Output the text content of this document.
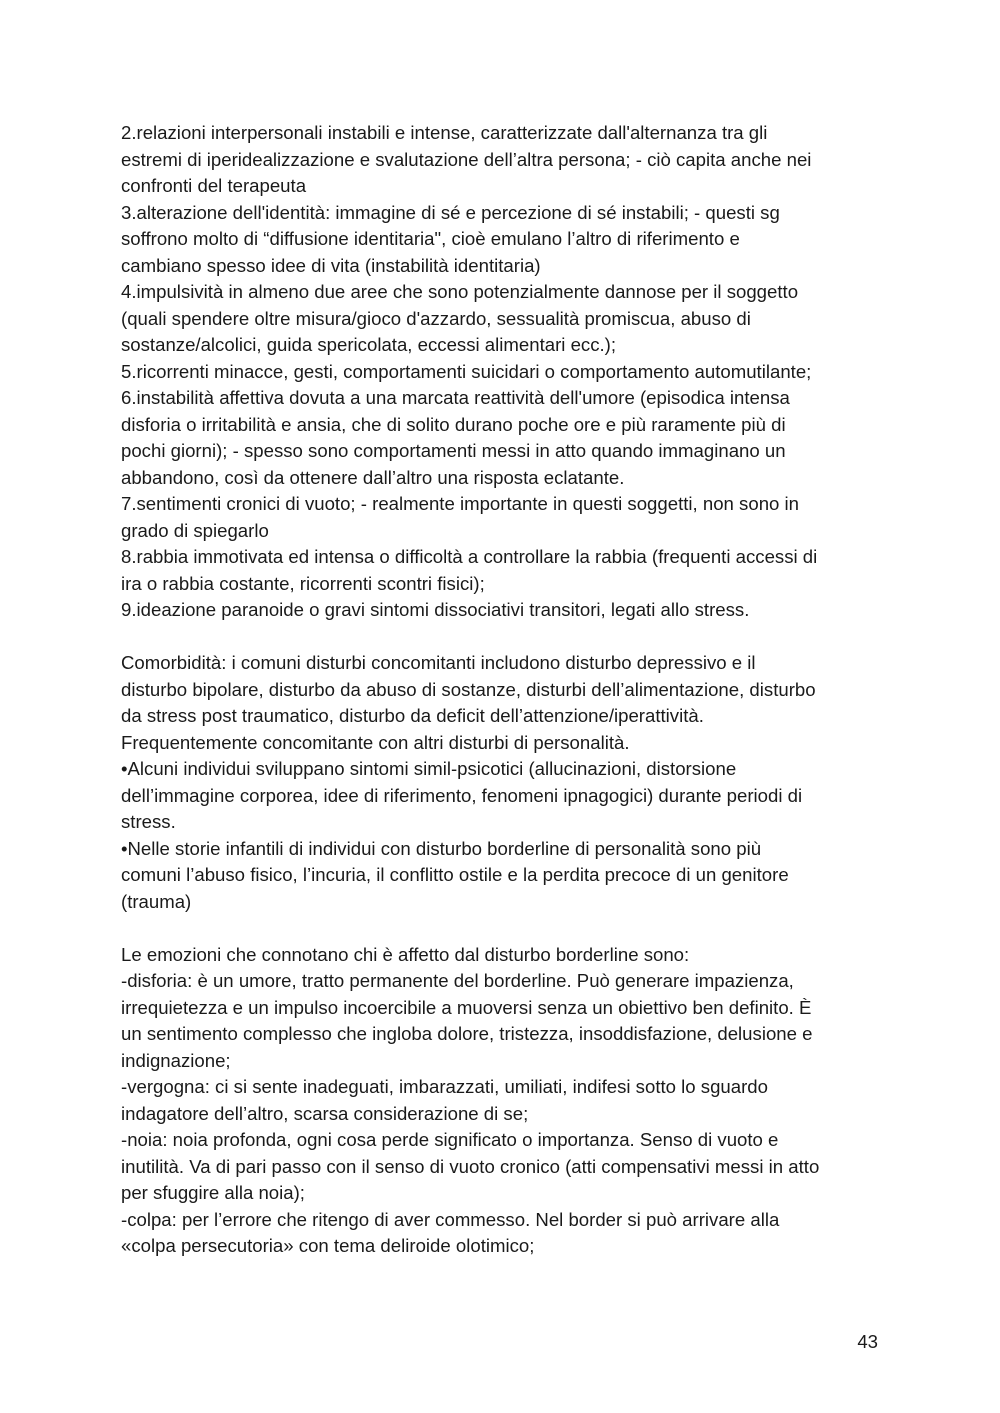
2.relazioni interpersonali instabili e intense, caratterizzate dall'alternanza tra gli
estremi di iperidealizzazione e svalutazione dell’altra persona; - ciò capita anche nei
confronti del terapeuta
3.alterazione dell'identità: immagine di sé e percezione di sé instabili; - questi sg
soffrono molto di “diffusione identitaria", cioè emulano l’altro di riferimento e
cambiano spesso idee di vita (instabilità identitaria)
4.impulsività in almeno due aree che sono potenzialmente dannose per il soggetto
(quali spendere oltre misura/gioco d'azzardo, sessualità promiscua, abuso di
sostanze/alcolici, guida spericolata, eccessi alimentari ecc.);
5.ricorrenti minacce, gesti, comportamenti suicidari o comportamento automutilante;
6.instabilità affettiva dovuta a una marcata reattività dell'umore (episodica intensa
disforia o irritabilità e ansia, che di solito durano poche ore e più raramente più di
pochi giorni); - spesso sono comportamenti messi in atto quando immaginano un
abbandono, così da ottenere dall’altro una risposta eclatante.
7.sentimenti cronici di vuoto; - realmente importante in questi soggetti, non sono in
grado di spiegarlo
8.rabbia immotivata ed intensa o difficoltà a controllare la rabbia (frequenti accessi di
ira o rabbia costante, ricorrenti scontri fisici);
9.ideazione paranoide o gravi sintomi dissociativi transitori, legati allo stress.
Comorbidità: i comuni disturbi concomitanti includono disturbo depressivo e il
disturbo bipolare, disturbo da abuso di sostanze, disturbi dell’alimentazione, disturbo
da stress post traumatico, disturbo da deficit dell’attenzione/iperattività.
Frequentemente concomitante con altri disturbi di personalità.
•Alcuni individui sviluppano sintomi simil-psicotici (allucinazioni, distorsione
dell’immagine corporea, idee di riferimento, fenomeni ipnagogici) durante periodi di
stress.
•Nelle storie infantili di individui con disturbo borderline di personalità sono più
comuni l’abuso fisico, l’incuria, il conflitto ostile e la perdita precoce di un genitore
(trauma)
Le emozioni che connotano chi è affetto dal disturbo borderline sono:
-disforia: è un umore, tratto permanente del borderline. Può generare impazienza,
irrequietezza e un impulso incoercibile a muoversi senza un obiettivo ben definito. È
un sentimento complesso che ingloba dolore, tristezza, insoddisfazione, delusione e
indignazione;
-vergogna: ci si sente inadeguati, imbarazzati, umiliati, indifesi sotto lo sguardo
indagatore dell’altro, scarsa considerazione di se;
-noia: noia profonda, ogni cosa perde significato o importanza. Senso di vuoto e
inutilità. Va di pari passo con il senso di vuoto cronico (atti compensativi messi in atto
per sfuggire alla noia);
-colpa: per l’errore che ritengo di aver commesso. Nel border si può arrivare alla
«colpa persecutoria» con tema deliroide olotimico;
43
